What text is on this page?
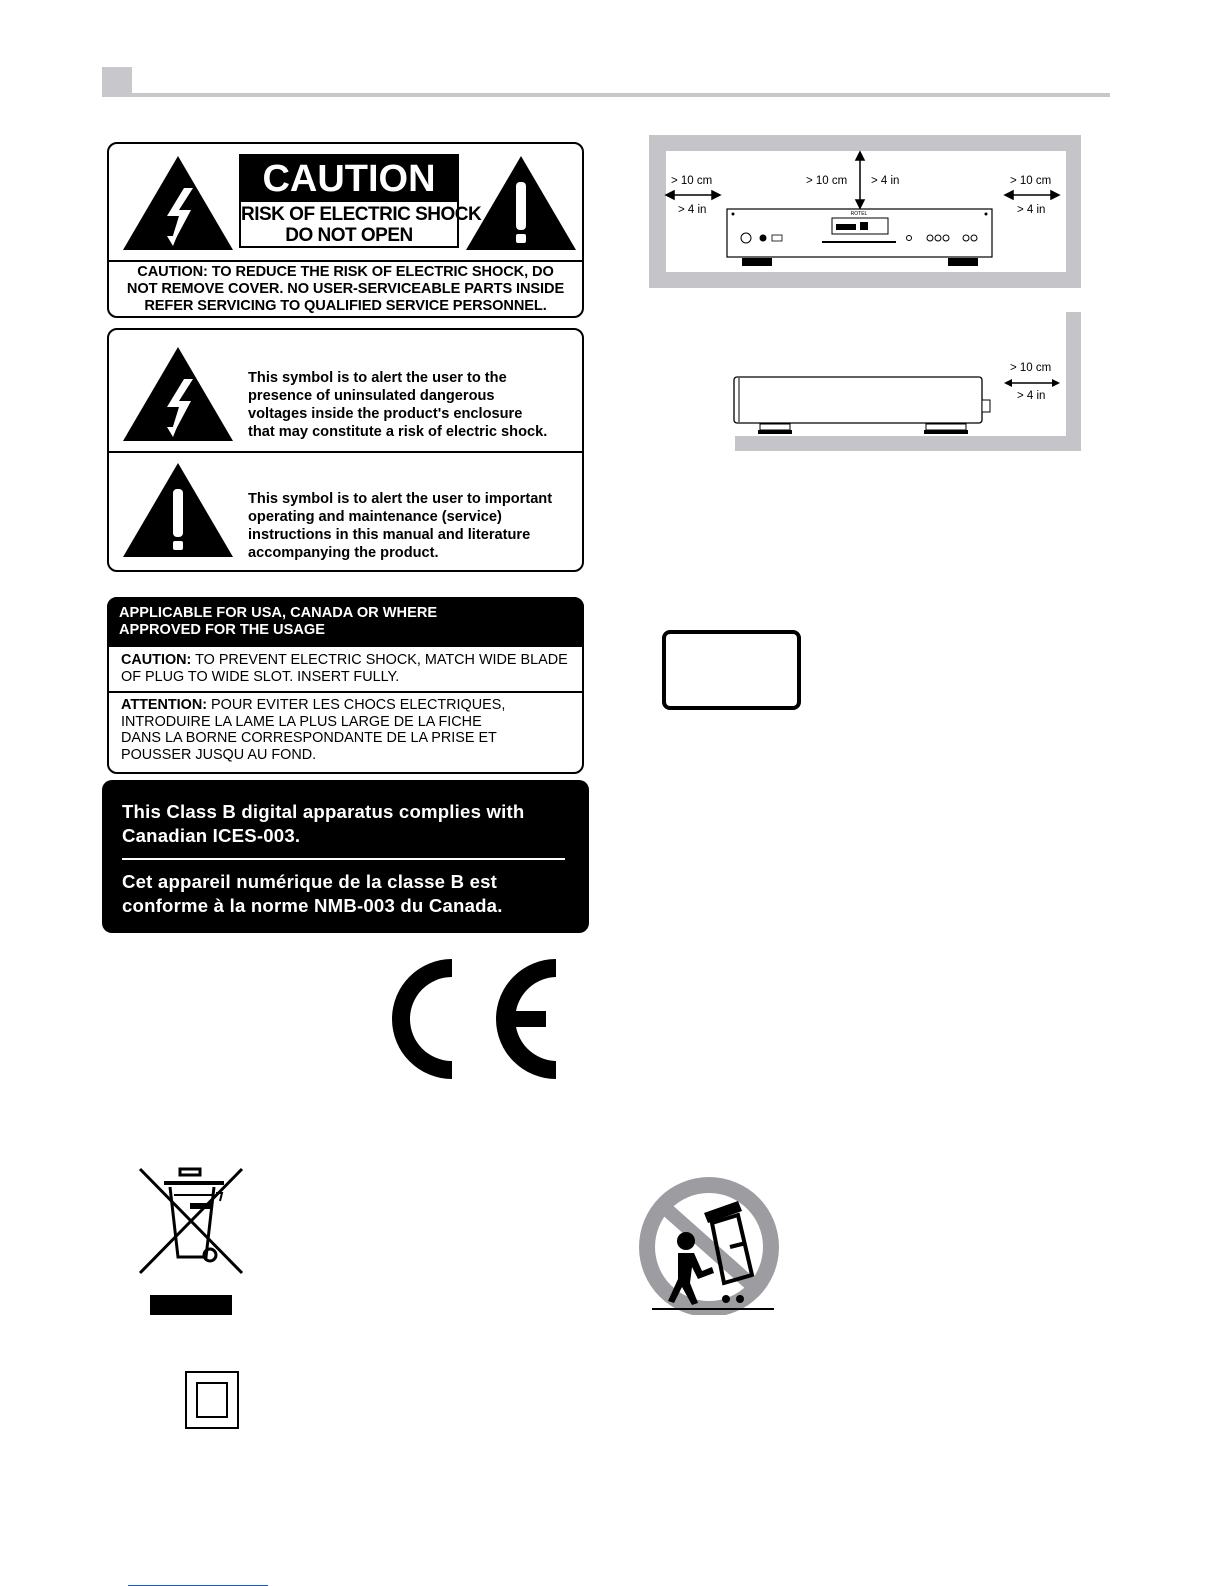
CAUTION
RISK OF ELECTRIC SHOCK
DO NOT OPEN
CAUTION: TO REDUCE THE RISK OF ELECTRIC SHOCK, DO
NOT REMOVE COVER. NO USER-SERVICEABLE PARTS INSIDE
REFER SERVICING TO QUALIFIED SERVICE PERSONNEL.
This symbol is to alert the user to the
presence of uninsulated dangerous
voltages inside the product's enclosure
that may constitute a risk of electric shock.
This symbol is to alert the user to important
operating and maintenance (service)
instructions in this manual and literature
accompanying the product.
APPLICABLE FOR USA, CANADA OR WHERE
APPROVED FOR THE USAGE
CAUTION: TO PREVENT ELECTRIC SHOCK, MATCH WIDE BLADE
OF PLUG TO WIDE SLOT. INSERT FULLY.
ATTENTION: POUR EVITER LES CHOCS ELECTRIQUES,
INTRODUIRE LA LAME LA PLUS LARGE DE LA FICHE
DANS LA BORNE CORRESPONDANTE DE LA PRISE ET
POUSSER JUSQU AU FOND.
This Class B digital apparatus complies with
Canadian ICES-003.
Cet appareil numérique de la classe B est
conforme à la norme NMB-003 du Canada.
> 10 cm
> 4 in
> 10 cm > 4 in	> 10 cm
> 4 in
ROTEL
> 10 cm
> 4 in
